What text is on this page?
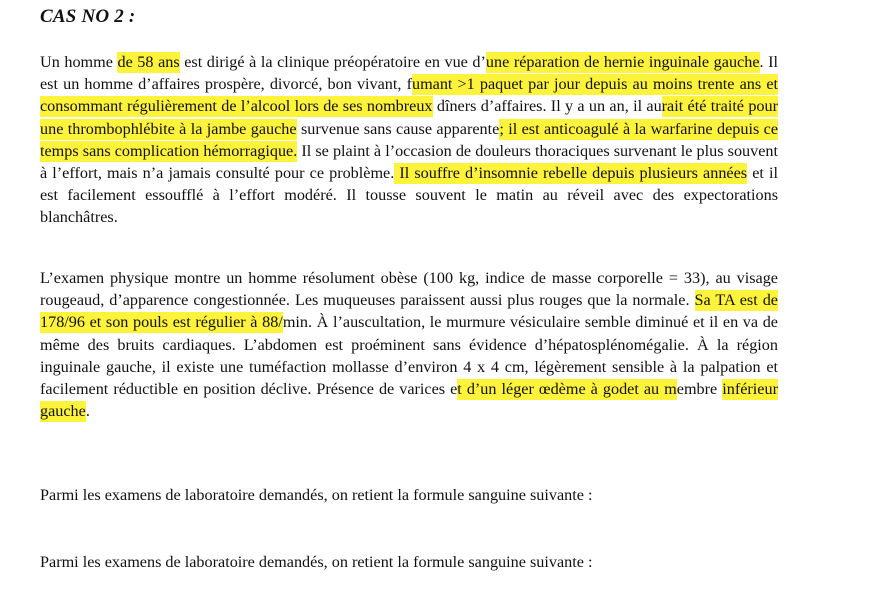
CAS NO 2 :

Un homme de 58 ans est dirigé à la clinique préopératoire en vue d’une réparation de hernie inguinale gauche. Il est un homme d’affaires prospère, divorcé, bon vivant, fumant >1 paquet par jour depuis au moins trente ans et consommant régulièrement de l’alcool lors de ses nombreux dîners d’affaires. Il y a un an, il aurait été traité pour une thrombophlébite à la jambe gauche survenue sans cause apparente; il est anticoagulé à la warfarine depuis ce temps sans complication hémorragique. Il se plaint à l’occasion de douleurs thoraciques survenant le plus souvent à l’effort, mais n’a jamais consulté pour ce problème. Il souffre d’insomnie rebelle depuis plusieurs années et il est facilement essoufflé à l’effort modéré. Il tousse souvent le matin au réveil avec des expectorations blanchâtres.

L’examen physique montre un homme résolument obèse (100 kg, indice de masse corporelle = 33), au visage rougeaud, d’apparence congestionnée. Les muqueuses paraissent aussi plus rouges que la normale. Sa TA est de 178/96 et son pouls est régulier à 88/min. À l’auscultation, le murmure vésiculaire semble diminué et il en va de même des bruits cardiaques. L’abdomen est proéminent sans évidence d’hépatosplénomégalie. À la région inguinale gauche, il existe une tuméfaction mollasse d’environ 4 x 4 cm, légèrement sensible à la palpation et facilement réductible en position déclive. Présence de varices et d’un léger œdème à godet au membre inférieur gauche.

Parmi les examens de laboratoire demandés, on retient la formule sanguine suivante :

Parmi les examens de laboratoire demandés, on retient la formule sanguine suivante :
